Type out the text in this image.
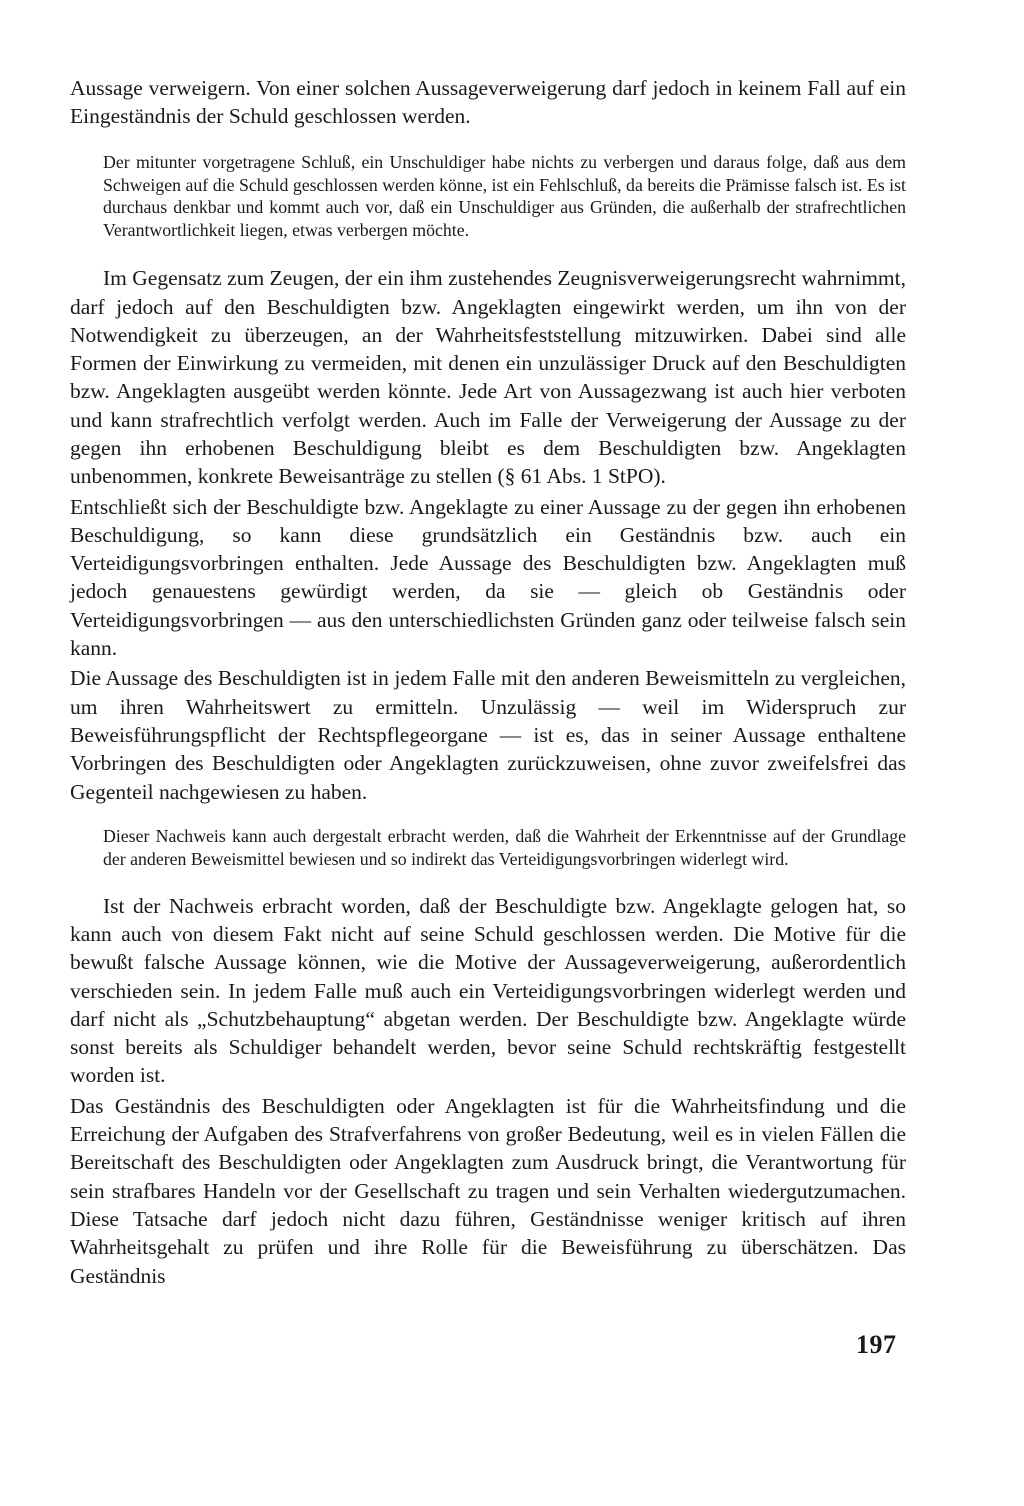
Aussage verweigern. Von einer solchen Aussageverweigerung darf jedoch in keinem Fall auf ein Eingeständnis der Schuld geschlossen werden.

Der mitunter vorgetragene Schluß, ein Unschuldiger habe nichts zu verbergen und daraus folge, daß aus dem Schweigen auf die Schuld geschlossen werden könne, ist ein Fehlschluß, da bereits die Prämisse falsch ist. Es ist durchaus denkbar und kommt auch vor, daß ein Unschuldiger aus Gründen, die außerhalb der strafrechtlichen Verantwortlichkeit liegen, etwas verbergen möchte.

Im Gegensatz zum Zeugen, der ein ihm zustehendes Zeugnisverweigerungsrecht wahrnimmt, darf jedoch auf den Beschuldigten bzw. Angeklagten eingewirkt werden, um ihn von der Notwendigkeit zu überzeugen, an der Wahrheitsfeststellung mitzuwirken. Dabei sind alle Formen der Einwirkung zu vermeiden, mit denen ein unzulässiger Druck auf den Beschuldigten bzw. Angeklagten ausgeübt werden könnte. Jede Art von Aussagezwang ist auch hier verboten und kann strafrechtlich verfolgt werden. Auch im Falle der Verweigerung der Aussage zu der gegen ihn erhobenen Beschuldigung bleibt es dem Beschuldigten bzw. Angeklagten unbenommen, konkrete Beweisanträge zu stellen (§ 61 Abs. 1 StPO).

Entschließt sich der Beschuldigte bzw. Angeklagte zu einer Aussage zu der gegen ihn erhobenen Beschuldigung, so kann diese grundsätzlich ein Geständnis bzw. auch ein Verteidigungsvorbringen enthalten. Jede Aussage des Beschuldigten bzw. Angeklagten muß jedoch genauestens gewürdigt werden, da sie — gleich ob Geständnis oder Verteidigungsvorbringen — aus den unterschiedlichsten Gründen ganz oder teilweise falsch sein kann.

Die Aussage des Beschuldigten ist in jedem Falle mit den anderen Beweismitteln zu vergleichen, um ihren Wahrheitswert zu ermitteln. Unzulässig — weil im Widerspruch zur Beweisführungspflicht der Rechtspflegeorgane — ist es, das in seiner Aussage enthaltene Vorbringen des Beschuldigten oder Angeklagten zurückzuweisen, ohne zuvor zweifelsfrei das Gegenteil nachgewiesen zu haben.

Dieser Nachweis kann auch dergestalt erbracht werden, daß die Wahrheit der Erkenntnisse auf der Grundlage der anderen Beweismittel bewiesen und so indirekt das Verteidigungsvorbringen widerlegt wird.

Ist der Nachweis erbracht worden, daß der Beschuldigte bzw. Angeklagte gelogen hat, so kann auch von diesem Fakt nicht auf seine Schuld geschlossen werden. Die Motive für die bewußt falsche Aussage können, wie die Motive der Aussageverweigerung, außerordentlich verschieden sein. In jedem Falle muß auch ein Verteidigungsvorbringen widerlegt werden und darf nicht als „Schutzbehauptung“ abgetan werden. Der Beschuldigte bzw. Angeklagte würde sonst bereits als Schuldiger behandelt werden, bevor seine Schuld rechtskräftig festgestellt worden ist.

Das Geständnis des Beschuldigten oder Angeklagten ist für die Wahrheitsfindung und die Erreichung der Aufgaben des Strafverfahrens von großer Bedeutung, weil es in vielen Fällen die Bereitschaft des Beschuldigten oder Angeklagten zum Ausdruck bringt, die Verantwortung für sein strafbares Handeln vor der Gesellschaft zu tragen und sein Verhalten wiedergutzumachen. Diese Tatsache darf jedoch nicht dazu führen, Geständnisse weniger kritisch auf ihren Wahrheitsgehalt zu prüfen und ihre Rolle für die Beweisführung zu überschätzen. Das Geständnis

197
